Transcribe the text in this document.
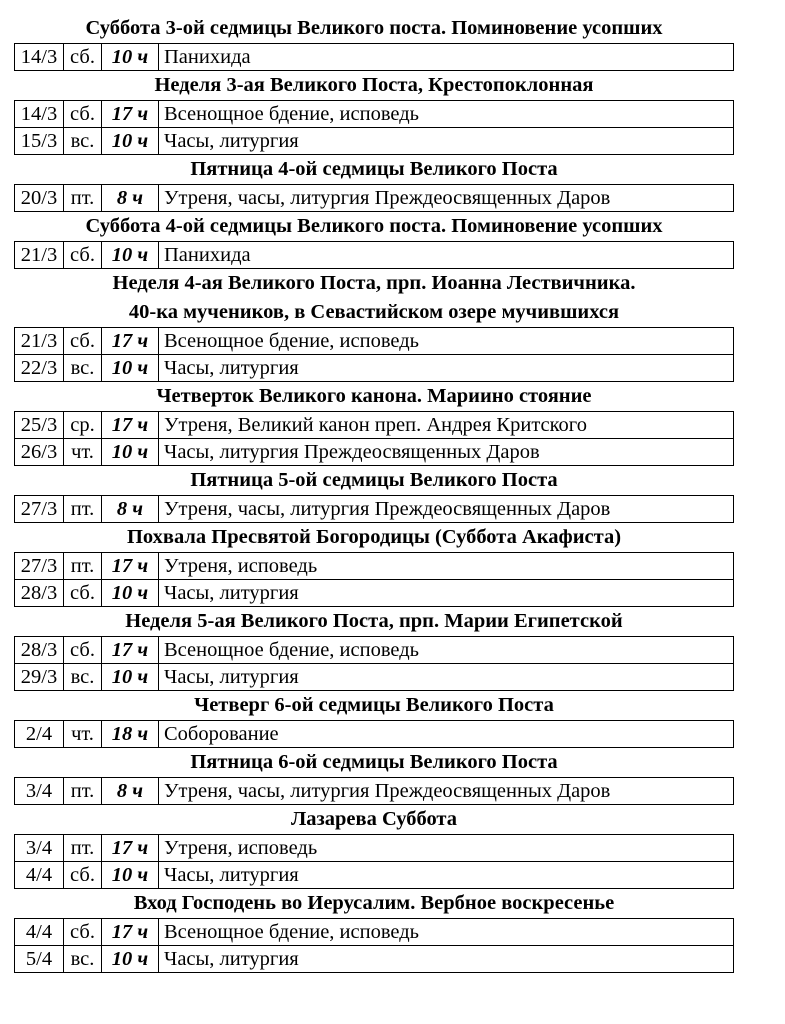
Суббота 3-ой седмицы Великого поста. Поминовение усопших
14/3	сб.	10 ч	Панихида
Неделя 3-ая Великого Поста, Крестопоклонная
14/3	сб.	17 ч	Всенощное бдение, исповедь
15/3	вс.	10 ч	Часы, литургия
Пятница 4-ой седмицы Великого Поста
20/3	пт.	8 ч	Утреня, часы, литургия Преждеосвященных Даров
Суббота 4-ой седмицы Великого поста. Поминовение усопших
21/3	сб.	10 ч	Панихида
Неделя 4-ая Великого Поста, прп. Иоанна Лествичника.
40-ка мучеников, в Севастийском озере мучившихся
21/3	сб.	17 ч	Всенощное бдение, исповедь
22/3	вс.	10 ч	Часы, литургия
Четверток Великого канона. Мариино стояние
25/3	ср.	17 ч	Утреня, Великий канон преп. Андрея Критского
26/3	чт.	10 ч	Часы, литургия Преждеосвященных Даров
Пятница 5-ой седмицы Великого Поста
27/3	пт.	8 ч	Утреня, часы, литургия Преждеосвященных Даров
Похвала Пресвятой Богородицы (Суббота Акафиста)
27/3	пт.	17 ч	Утреня, исповедь
28/3	сб.	10 ч	Часы, литургия
Неделя 5-ая Великого Поста, прп. Марии Египетской
28/3	сб.	17 ч	Всенощное бдение, исповедь
29/3	вс.	10 ч	Часы, литургия
Четверг 6-ой седмицы Великого Поста
2/4	чт.	18 ч	Соборование
Пятница 6-ой седмицы Великого Поста
3/4	пт.	8 ч	Утреня, часы, литургия Преждеосвященных Даров
Лазарева Суббота
3/4	пт.	17 ч	Утреня, исповедь
4/4	сб.	10 ч	Часы, литургия
Вход Господень во Иерусалим. Вербное воскресенье
4/4	сб.	17 ч	Всенощное бдение, исповедь
5/4	вс.	10 ч	Часы, литургия
